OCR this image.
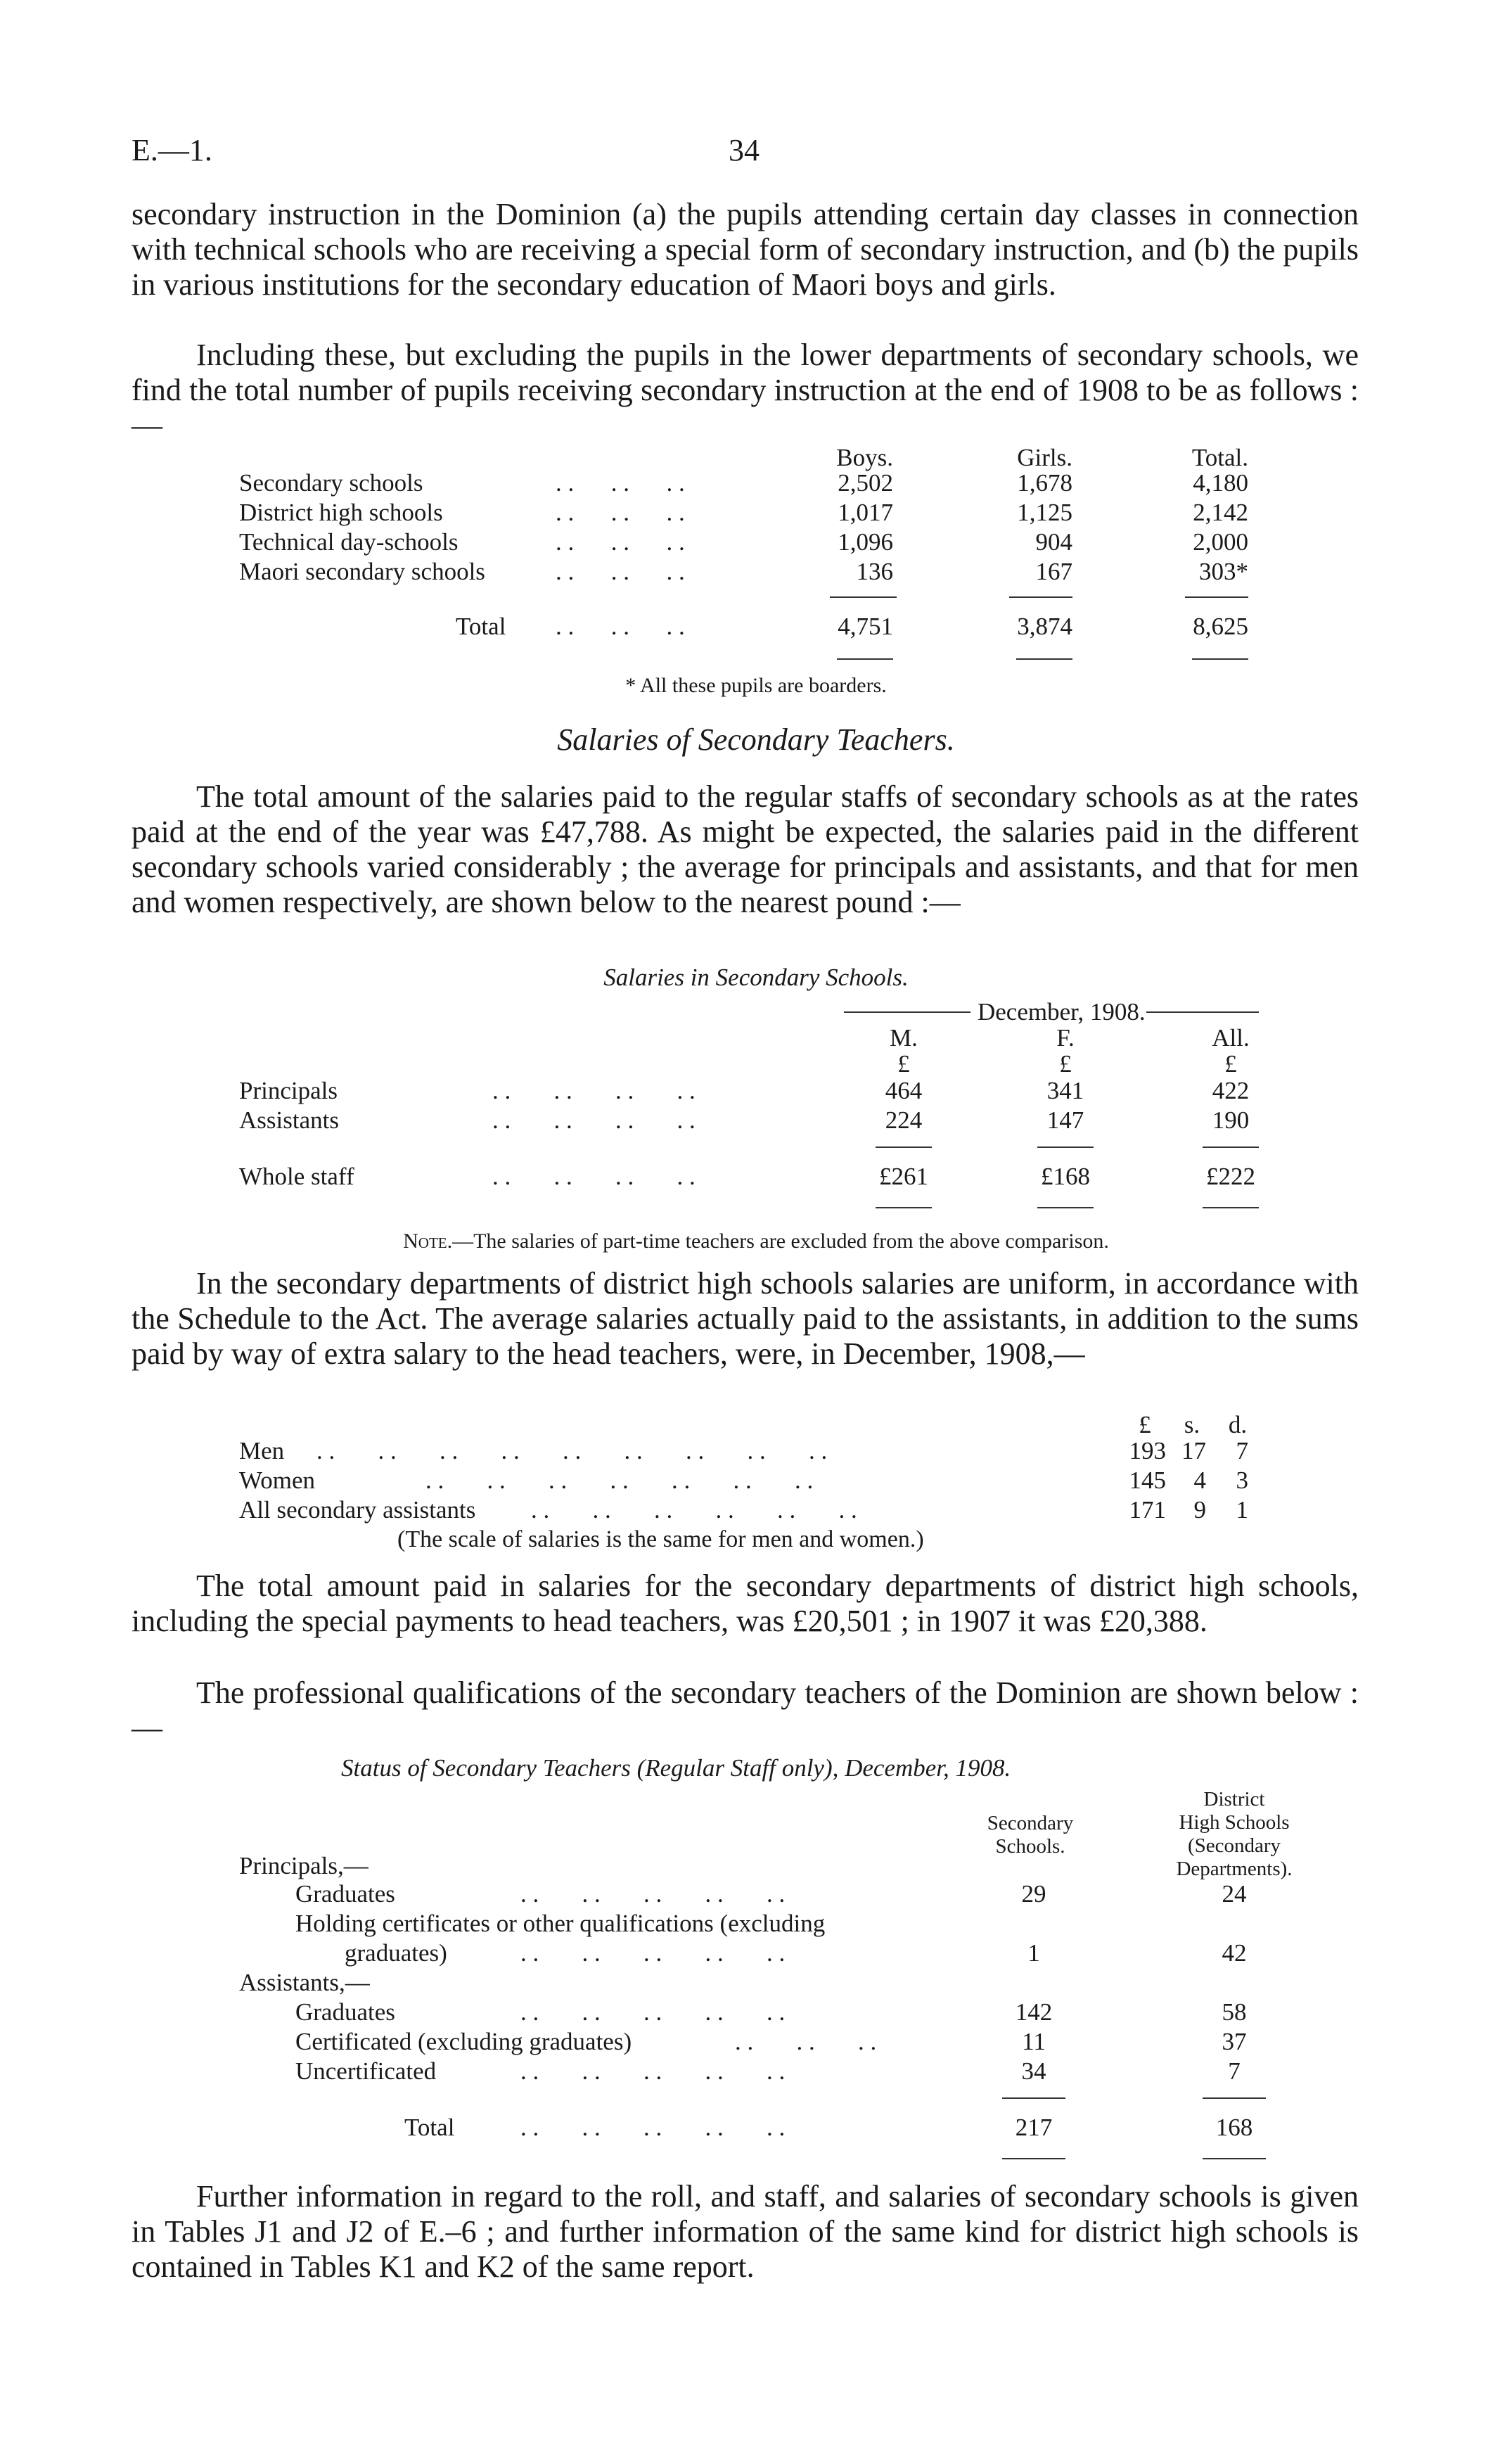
E.—1.	34

secondary instruction in the Dominion (a) the pupils attending certain day classes in connection with technical schools who are receiving a special form of secondary instruction, and (b) the pupils in various institutions for the secondary education of Maori boys and girls.

Including these, but excluding the pupils in the lower departments of secondary schools, we find the total number of pupils receiving secondary instruction at the end of 1908 to be as follows :—

Boys.	Girls.	Total.
Secondary schools	. .      . .      . .	2,502	1,678	4,180
District high schools	. .      . .      . .	1,017	1,125	2,142
Technical day-schools	. .      . .      . .	1,096	904	2,000
Maori secondary schools	. .      . .      . .	136	167	303*
Total . .      . .      . .	4,751	3,874	8,625
* All these pupils are boarders.
Salaries of Secondary Teachers.

The total amount of the salaries paid to the regular staffs of secondary schools as at the rates paid at the end of the year was £47,788. As might be expected, the salaries paid in the different secondary schools varied considerably ; the average for principals and assistants, and that for men and women respectively, are shown below to the nearest pound :—

Salaries in Secondary Schools.
December, 1908.
M.	F.	All.
£	£	£
Principals	. .       . .       . .       . .	464	341	422
Assistants	. .       . .       . .       . .	224	147	190
Whole staff	. .       . .       . .       . .	£261	£168	£222
Note.—The salaries of part-time teachers are excluded from the above comparison.

In the secondary departments of district high schools salaries are uniform, in accordance with the Schedule to the Act. The average salaries actually paid to the assistants, in addition to the sums paid by way of extra salary to the head teachers, were, in December, 1908,—

£	s.	d.
Men . .       . .       . .       . .       . .       . .       . .       . .       . .	193 17	7
Women	. .       . .       . .       . .       . .       . .       . .	145	4	3
All secondary assistants . .       . .       . .       . .       . .       . .	171	9	1
(The scale of salaries is the same for men and women.)

The total amount paid in salaries for the secondary departments of district high schools, including the special payments to head teachers, was £20,501 ; in 1907 it was £20,388.

The professional qualifications of the secondary teachers of the Dominion are shown below :—

Status of Secondary Teachers (Regular Staff only), December, 1908.
Secondary
Schools.
District
High Schools
(Secondary
Departments).
Principals,—
Graduates	. .       . .       . .       . .       . .	29	24
Holding certificates or other qualifications (excluding
graduates)	. .       . .       . .       . .       . .	1	42
Assistants,—
Graduates	. .       . .       . .       . .       . .	142	58
Certificated (excluding graduates)	. .       . .       . .	11	37
Uncertificated	. .       . .       . .       . .       . .	34	7
Total	. .       . .       . .       . .       . .	217	168

Further information in regard to the roll, and staff, and salaries of secondary schools is given in Tables J1 and J2 of E.–6 ; and further information of the same kind for district high schools is contained in Tables K1 and K2 of the same report.
